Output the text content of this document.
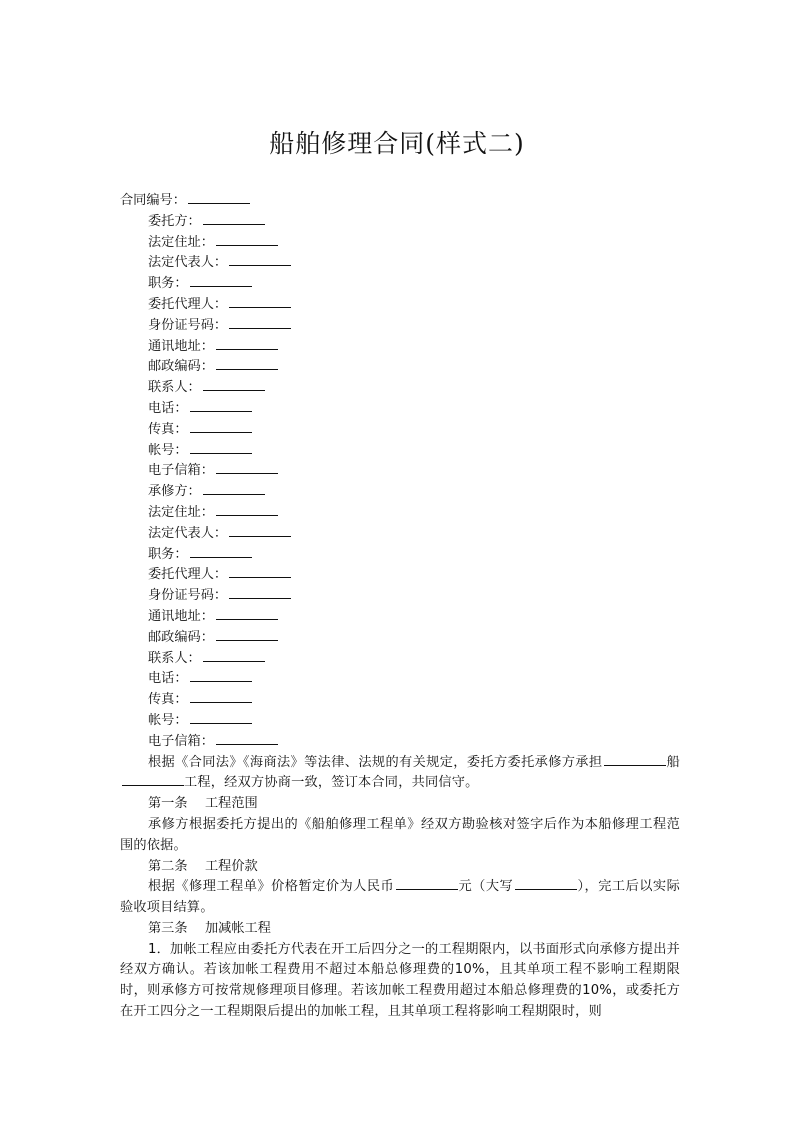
船舶修理合同(样式二)
合同编号：
委托方：
法定住址：
法定代表人：
职务：
委托代理人：
身份证号码：
通讯地址：
邮政编码：
联系人：
电话：
传真：
帐号：
电子信箱：
承修方：
法定住址：
法定代表人：
职务：
委托代理人：
身份证号码：
通讯地址：
邮政编码：
联系人：
电话：
传真：
帐号：
电子信箱：
根据《合同法》《海商法》等法律、法规的有关规定，委托方委托承修方承担	船工程，经双方协商一致，签订本合同，共同信守。
第一条　 工程范围
承修方根据委托方提出的《船舶修理工程单》经双方勘验核对签字后作为本船修理工程范围的依据。
第二条　 工程价款
根据《修理工程单》价格暂定价为人民币	元（大写	），完工后以实际验收项目结算。
第三条　 加减帐工程
1．加帐工程应由委托方代表在开工后四分之一的工程期限内，以书面形式向承修方提出并经双方确认。若该加帐工程费用不超过本船总修理费的10%，且其单项工程不影响工程期限时，则承修方可按常规修理项目修理。若该加帐工程费用超过本船总修理费的10%，或委托方在开工四分之一工程期限后提出的加帐工程，且其单项工程将影响工程期限时，则
